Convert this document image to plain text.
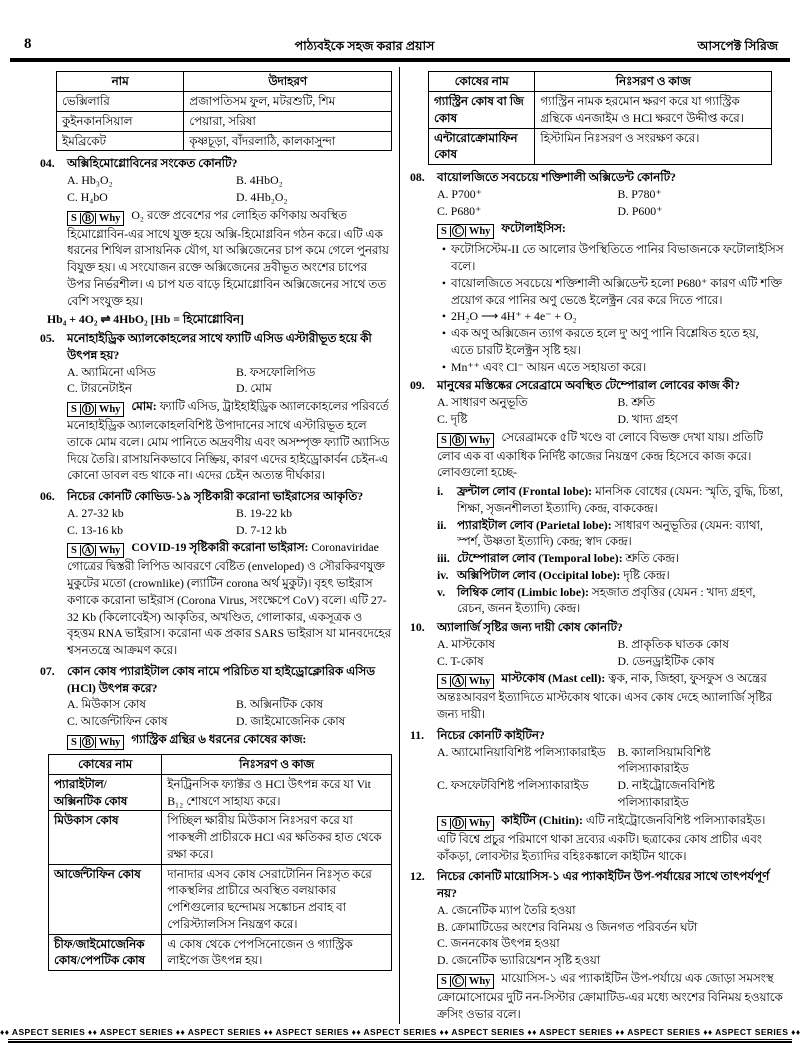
8	পাঠ্যবইকে সহজ করার প্রয়াস	আসপেক্ট সিরিজ
নাম	উদাহরণ
ভেক্সিলারি	প্রজাপতিসম ফুল, মটরশুটি, শিম
কুইনকানসিয়াল	পেয়ারা, সরিষা
ইমব্রিকেট	কৃষ্ণচূড়া, বাঁদরলাঠি, কালকাসুন্দা
04.	অক্সিহিমোগ্লোবিনের সংকেত কোনটি?
A. Hb₃O₂	B. 4HbO₂
C. H₄bO	D. 4Hb₂O₂

S B Why O₂ রক্তে প্রবেশের পর লোহিত কণিকায় অবস্থিত হিমোগ্লোবিন-এর সাথে যুক্ত হয়ে অক্সি-হিমোগ্লবিন গঠন করে। এটি এক ধরনের শিথিল রাসায়নিক যৌগ, যা অক্সিজেনের চাপ কমে গেলে পুনরায় বিযুক্ত হয়। এ সংযোজন রক্তে অক্সিজেনের দ্রবীভূত অংশের চাপের উপর নির্ভরশীল। এ চাপ যত বাড়ে হিমোগ্লোবিন অক্সিজেনের সাথে তত বেশি সংযুক্ত হয়।

Hb₄ + 4O₂ ⇌ 4HbO₂ [Hb = হিমোগ্লোবিন]
05.	মনোহাইড্রিক অ্যালকোহলের সাথে ফ্যাটি এসিড এস্টারীভূত হয়ে কী উৎপন্ন হয়?
A. অ্যামিনো এসিড	B. ফসফোলিপিড
C. টারনেটাইন	D. মোম

S D Why মোম: ফ্যাটি এসিড, ট্রাইহাইড্রিক অ্যালকোহলের পরিবর্তে মনোহাইড্রিক অ্যালকোহলবিশিষ্ট উপাদানের সাথে এস্টারিভূত হলে তাকে মোম বলে। মোম পানিতে অদ্রবণীয় এবং অসম্পৃক্ত ফ্যাটি অ্যাসিড দিয়ে তৈরি। রাসায়নিকভাবে নিষ্ক্রিয়, কারণ এদের হাইড্রোকার্বন চেইন-এ কোনো ডাবল বন্ড থাকে না। এদের চেইন অত্যন্ত দীর্ঘকার।

06.	নিচের কোনটি কোভিড-১৯ সৃষ্টিকারী করোনা ভাইরাসের আকৃতি?
A. 27-32 kb	B. 19-22 kb
C. 13-16 kb	D. 7-12 kb

S A Why COVID-19 সৃষ্টিকারী করোনা ভাইরাস: Coronaviridae গোত্রের দ্বিস্তরী লিপিড আবরণে বেষ্টিত (enveloped) ও সৌরকিরণযুক্ত মুকুটের মতো (crownlike) (ল্যাটিন corona অর্থ মুকুট)। বৃহৎ ভাইরাস কণাকে করোনা ভাইরাস (Corona Virus, সংক্ষেপে CoV) বলে। এটি 27-32 Kb (কিলোবেইস) আকৃতির, অখণ্ডিত, গোলাকার, একসূত্রক ও বৃহত্তম RNA ভাইরাস। করোনা এক প্রকার SARS ভাইরাস যা মানবদেহের শ্বসনতন্ত্রে আক্রমণ করে।

07.	কোন কোষ প্যারাইটাল কোষ নামে পরিচিত যা হাইড্রোক্লোরিক এসিড (HCl) উৎপন্ন করে?
A. মিউকাস কোষ	B. অক্সিনটিক কোষ
C. আর্জেন্টাফিন কোষ	D. জাইমোজেনিক কোষ

S B Why গ্যাস্ট্রিক গ্রন্থির ৬ ধরনের কোষের কাজ:

কোষের নাম	নিঃসরণ ও কাজ
প্যারাইটাল/ অক্সিনটিক কোষ	ইনট্রিনসিক ফ্যাক্টর ও HCl উৎপন্ন করে যা Vit B₁₂ শোষণে সাহায্য করে।
মিউকাস কোষ	পিচ্ছিল ক্ষারীয় মিউকাস নিঃসরণ করে যা পাকস্থলী প্রাচীরকে HCl এর ক্ষতিকর হাত থেকে রক্ষা করে।
আর্জেন্টাফিন কোষ	দানাদার এসব কোষ সেরাটোনিন নিঃসৃত করে পাকস্থলির প্রাচীরে অবস্থিত বলয়াকার পেশিগুলোর ছন্দোময় সঙ্কোচন প্রবাহ বা পেরিস্ট্যালসিস নিয়ন্ত্রণ করে।
চীফ/জাইমোজেনিক কোষ/পেপটিক কোষ	এ কোষ থেকে পেপসিনোজেন ও গ্যাস্ট্রিক লাইপেজ উৎপন্ন হয়।
কোষের নাম	নিঃসরণ ও কাজ
গ্যাস্ট্রিন কোষ বা জি কোষ	গ্যাস্ট্রিন নামক হরমোন ক্ষরণ করে যা গ্যাস্ট্রিক গ্রন্থিকে এনজাইম ও HCl ক্ষরণে উদ্দীপ্ত করে।
এন্টারোক্রোমাফিন কোষ	হিস্টামিন নিঃসরণ ও সংরক্ষণ করে।
08.	বায়োলজিতে সবচেয়ে শক্তিশালী অক্সিডেন্ট কোনটি?
A. P700⁺	B. P780⁺
C. P680⁺	D. P600⁺

S C Why ফটোলাইসিস:

• ফটোসিস্টেম-II তে আলোর উপস্থিতিতে পানির বিভাজনকে ফটোলাইসিস বলে।
• বায়োলজিতে সবচেয়ে শক্তিশালী অক্সিডেন্ট হলো P680⁺ কারণ এটি শক্তি প্রয়োগ করে পানির অণু ভেঙে ইলেক্ট্রন বের করে দিতে পারে।
• 2H₂O ⟶ 4H⁺ + 4e⁻ + O₂
• এক অণু অক্সিজেন ত্যাগ করতে হলে দু' অণু পানি বিশ্লেষিত হতে হয়, এতে চারটি ইলেক্ট্রন সৃষ্টি হয়।
• Mn⁺⁺ এবং Cl⁻ আয়ন এতে সহায়তা করে।
09.	মানুষের মস্তিষ্কের সেরেব্রামে অবস্থিত টেম্পোরাল লোবের কাজ কী?
A. সাধারণ অনুভূতি	B. শ্রুতি
C. দৃষ্টি	D. খাদ্য গ্রহণ

S B Why সেরেব্রামকে ৫টি খণ্ডে বা লোবে বিভক্ত দেখা যায়। প্রতিটি লোব এক বা একাধিক নির্দিষ্ট কাজের নিয়ন্ত্রণ কেন্দ্র হিসেবে কাজ করে। লোবগুলো হচ্ছে-

i.	ফ্রন্টাল লোব (Frontal lobe): মানসিক বোধের (যেমন: স্মৃতি, বুদ্ধি, চিন্তা, শিক্ষা, সৃজনশীলতা ইত্যাদি) কেন্দ্র, বাককেন্দ্র।
ii. প্যারাইটাল লোব (Parietal lobe): সাধারণ অনুভূতির (যেমন: ব্যাথা, স্পর্শ, উষ্ণতা ইত্যাদি) কেন্দ্র; স্বাদ কেন্দ্র।
iii. টেম্পোরাল লোব (Temporal lobe): শ্রুতি কেন্দ্র।
iv. অক্সিপিটাল লোব (Occipital lobe): দৃষ্টি কেন্দ্র।
v. লিম্বিক লোব (Limbic lobe): সহজাত প্রবৃত্তির (যেমন : খাদ্য গ্রহণ, রেচন, জনন ইত্যাদি) কেন্দ্র।
10.	অ্যালার্জি সৃষ্টির জন্য দায়ী কোষ কোনটি?
A. মাস্টকোষ	B. প্রাকৃতিক ঘাতক কোষ
C. T-কোষ	D. ডেনড্রাইটিক কোষ

S A Why মাস্টকোষ (Mast cell): ত্বক, নাক, জিহ্বা, ফুসফুস ও অন্ত্রের অন্তঃআবরণ ইত্যাদিতে মাস্টকোষ থাকে। এসব কোষ দেহে অ্যালার্জি সৃষ্টির জন্য দায়ী।

11.	নিচের কোনটি কাইটিন?
A. অ্যামোনিয়াবিশিষ্ট পলিস্যাকারাইড	B. ক্যালসিয়ামবিশিষ্ট পলিস্যাকারাইড
C. ফসফেটবিশিষ্ট পলিস্যাকারাইড	D. নাইট্রোজেনবিশিষ্ট পলিস্যাকারাইড

S D Why কাইটিন (Chitin): এটি নাইট্রোজেনবিশিষ্ট পলিস্যাকারইড। এটি বিশ্বে প্রচুর পরিমাণে থাকা দ্রব্যের একটি। ছত্রাকের কোষ প্রাচীর এবং কাঁকড়া, লোবস্টার ইত্যাদির বহিঃকঙ্কালে কাইটিন থাকে।

12.	নিচের কোনটি মায়োসিস-১ এর প্যাকাইটিন উপ-পর্যায়ের সাথে তাৎপর্যপূর্ণ নয়?
A. জেনেটিক ম্যাপ তৈরি হওয়া
B. ক্রোমাটিডের অংশের বিনিময় ও জিনগত পরিবর্তন ঘটা
C. জননকোষ উৎপন্ন হওয়া
D. জেনেটিক ভ্যারিয়েশন সৃষ্টি হওয়া

S C Why মায়োসিস-১ এর প্যাকাইটিন উপ-পর্যায়ে এক জোড়া সমসংস্থ ক্রোমোসোমের দুটি নন-সিস্টার ক্রোমাটিড-এর মধ্যে অংশের বিনিময় হওয়াকে ক্রসিং ওভার বলে।

♦♦ ASPECT SERIES ♦♦ ASPECT SERIES ♦♦ ASPECT SERIES ♦♦ ASPECT SERIES ♦♦ ASPECT SERIES ♦♦ ASPECT SERIES ♦♦ ASPECT SERIES ♦♦ ASPECT SERIES ♦♦ ASPECT SERIES ♦♦
